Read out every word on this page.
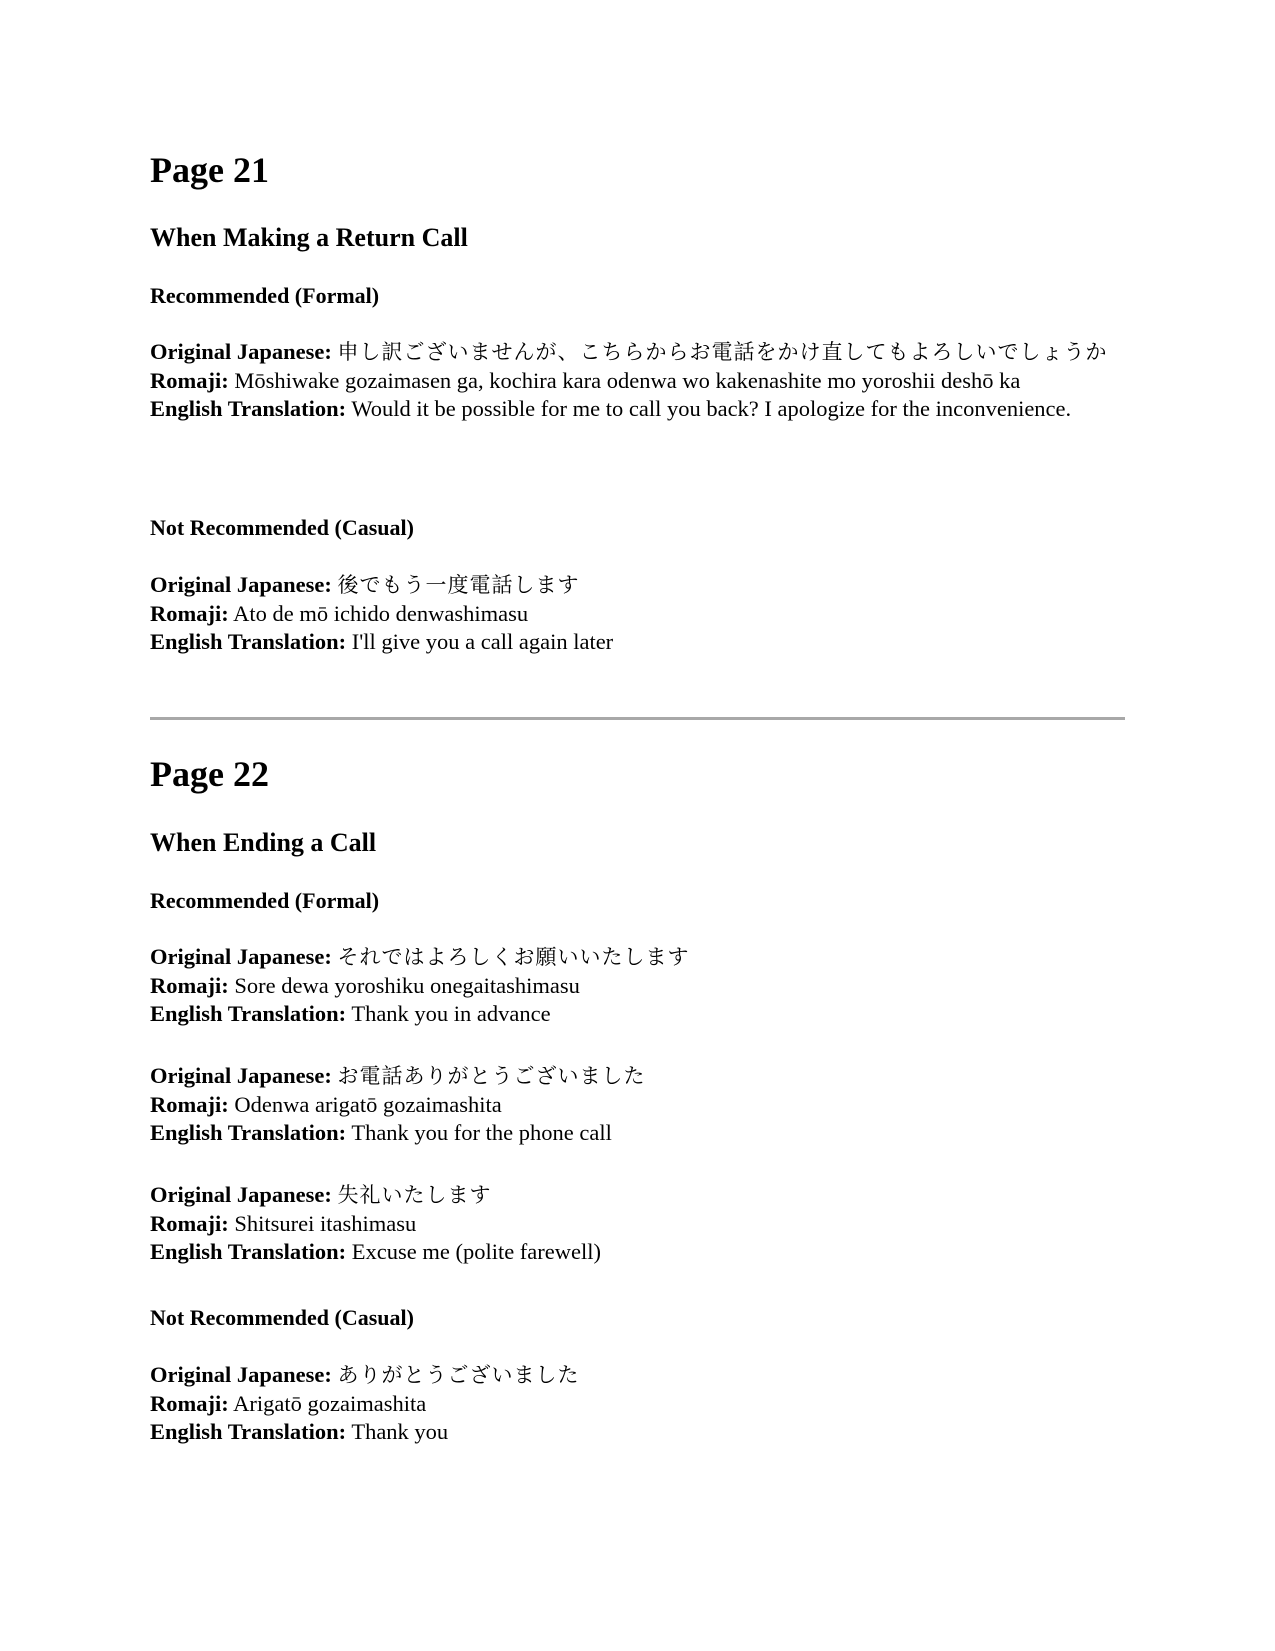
Page 21
When Making a Return Call
Recommended (Formal)
Original Japanese: 申し訳ございませんが、こちらからお電話をかけ直してもよろしいでしょうか
Romaji: Mōshiwake gozaimasen ga, kochira kara odenwa wo kakenashite mo yoroshii deshō ka
English Translation: Would it be possible for me to call you back? I apologize for the inconvenience.
Not Recommended (Casual)
Original Japanese: 後でもう一度電話します
Romaji: Ato de mō ichido denwashimasu
English Translation: I'll give you a call again later
Page 22
When Ending a Call
Recommended (Formal)
Original Japanese: それではよろしくお願いいたします
Romaji: Sore dewa yoroshiku onegaitashimasu
English Translation: Thank you in advance
Original Japanese: お電話ありがとうございました
Romaji: Odenwa arigatō gozaimashita
English Translation: Thank you for the phone call
Original Japanese: 失礼いたします
Romaji: Shitsurei itashimasu
English Translation: Excuse me (polite farewell)
Not Recommended (Casual)
Original Japanese: ありがとうございました
Romaji: Arigatō gozaimashita
English Translation: Thank you
